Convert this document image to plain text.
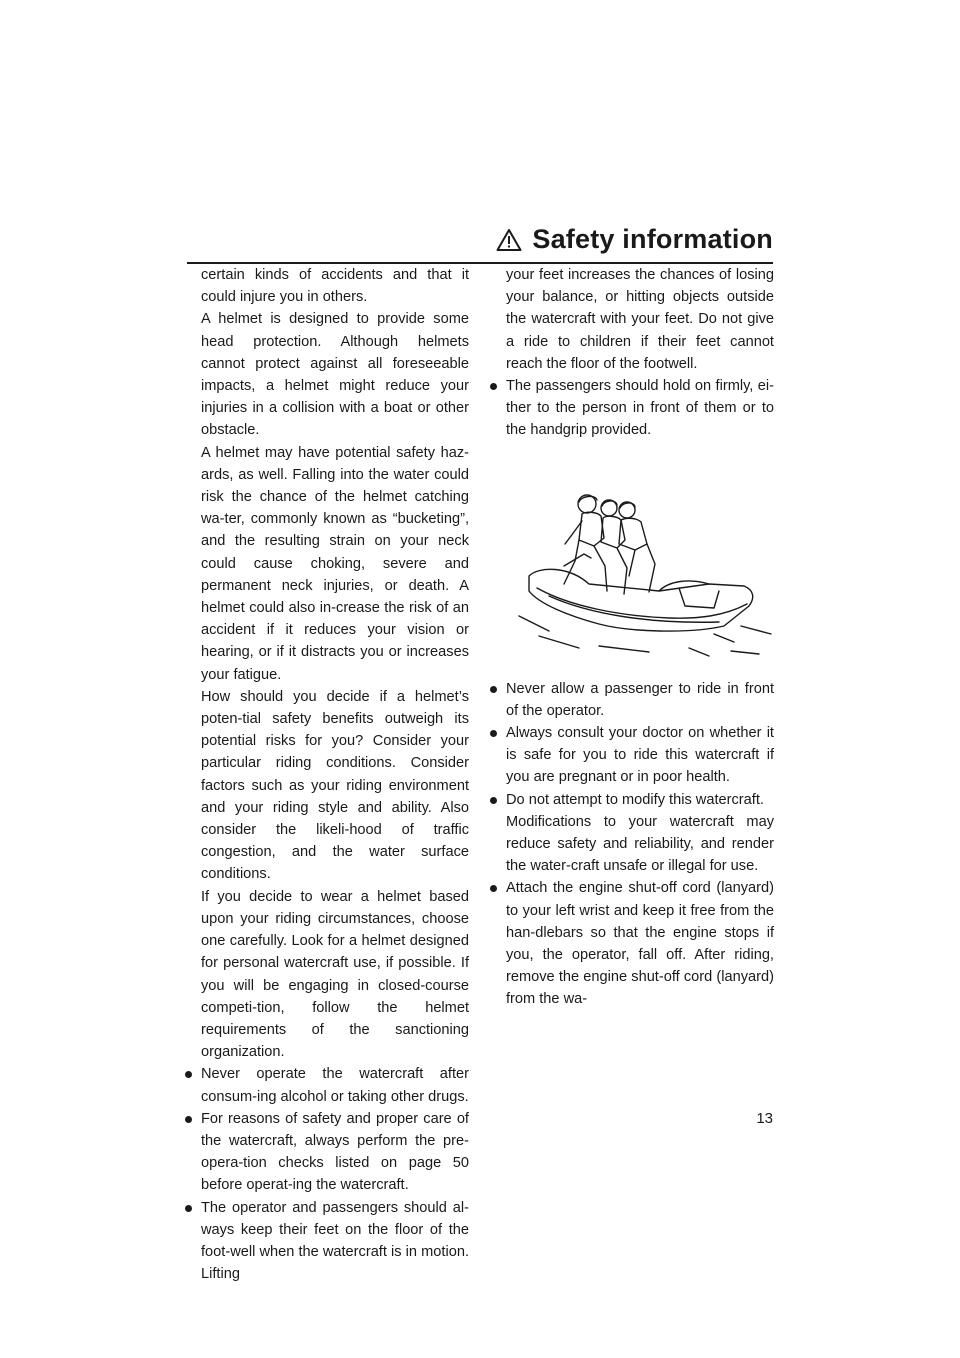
Safety information

certain kinds of accidents and that it could injure you in others.

A helmet is designed to provide some head protection. Although helmets cannot protect against all foreseeable impacts, a helmet might reduce your injuries in a collision with a boat or other obstacle.

A helmet may have potential safety haz-ards, as well. Falling into the water could risk the chance of the helmet catching wa-ter, commonly known as “bucketing”, and the resulting strain on your neck could cause choking, severe and permanent neck injuries, or death. A helmet could also in-crease the risk of an accident if it reduces your vision or hearing, or if it distracts you or increases your fatigue.

How should you decide if a helmet’s poten-tial safety benefits outweigh its potential risks for you? Consider your particular riding conditions. Consider factors such as your riding environment and your riding style and ability. Also consider the likeli-hood of traffic congestion, and the water surface conditions.

If you decide to wear a helmet based upon your riding circumstances, choose one carefully. Look for a helmet designed for personal watercraft use, if possible. If you will be engaging in closed-course competi-tion, follow the helmet requirements of the sanctioning organization.

Never operate the watercraft after consum-ing alcohol or taking other drugs.
For reasons of safety and proper care of the watercraft, always perform the pre-opera-tion checks listed on page 50 before operat-ing the watercraft.
The operator and passengers should al-ways keep their feet on the floor of the foot-well when the watercraft is in motion. Lifting

your feet increases the chances of losing your balance, or hitting objects outside the watercraft with your feet. Do not give a ride to children if their feet cannot reach the floor of the footwell.

The passengers should hold on firmly, ei-ther to the person in front of them or to the handgrip provided.
Never allow a passenger to ride in front of the operator.
Always consult your doctor on whether it is safe for you to ride this watercraft if you are pregnant or in poor health.
Do not attempt to modify this watercraft.

Modifications to your watercraft may reduce safety and reliability, and render the water-craft unsafe or illegal for use.

Attach the engine shut-off cord (lanyard) to your left wrist and keep it free from the han-dlebars so that the engine stops if you, the operator, fall off. After riding, remove the engine shut-off cord (lanyard) from the wa-
13
